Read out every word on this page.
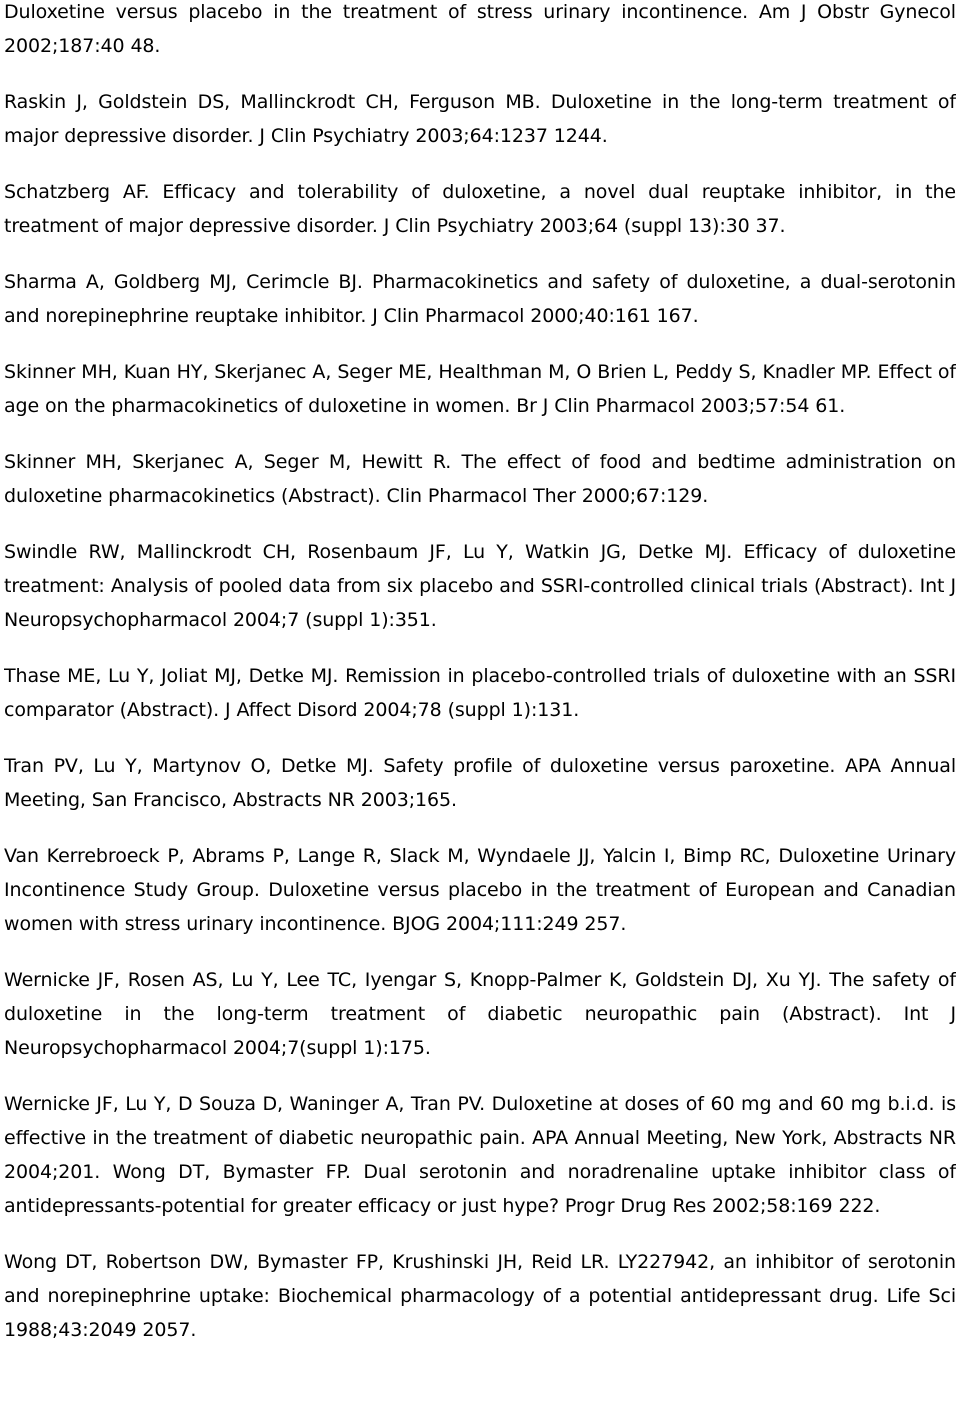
Duloxetine versus placebo in the treatment of stress urinary incontinence. Am J Obstr Gynecol 2002;187:40 48.

Raskin J, Goldstein DS, Mallinckrodt CH, Ferguson MB. Duloxetine in the long-term treatment of major depressive disorder. J Clin Psychiatry 2003;64:1237 1244.

Schatzberg AF. Efficacy and tolerability of duloxetine, a novel dual reuptake inhibitor, in the treatment of major depressive disorder. J Clin Psychiatry 2003;64 (suppl 13):30 37.

Sharma A, Goldberg MJ, Cerimcle BJ. Pharmacokinetics and safety of duloxetine, a dual-serotonin and norepinephrine reuptake inhibitor. J Clin Pharmacol 2000;40:161 167.

Skinner MH, Kuan HY, Skerjanec A, Seger ME, Healthman M, O Brien L, Peddy S, Knadler MP. Effect of age on the pharmacokinetics of duloxetine in women. Br J Clin Pharmacol 2003;57:54 61.

Skinner MH, Skerjanec A, Seger M, Hewitt R. The effect of food and bedtime administration on duloxetine pharmacokinetics (Abstract). Clin Pharmacol Ther 2000;67:129.

Swindle RW, Mallinckrodt CH, Rosenbaum JF, Lu Y, Watkin JG, Detke MJ. Efficacy of duloxetine treatment: Analysis of pooled data from six placebo and SSRI-controlled clinical trials (Abstract). Int J Neuropsychopharmacol 2004;7 (suppl 1):351.

Thase ME, Lu Y, Joliat MJ, Detke MJ. Remission in placebo-controlled trials of duloxetine with an SSRI comparator (Abstract). J Affect Disord 2004;78 (suppl 1):131.

Tran PV, Lu Y, Martynov O, Detke MJ. Safety profile of duloxetine versus paroxetine. APA Annual Meeting, San Francisco, Abstracts NR 2003;165.

Van Kerrebroeck P, Abrams P, Lange R, Slack M, Wyndaele JJ, Yalcin I, Bimp RC, Duloxetine Urinary Incontinence Study Group. Duloxetine versus placebo in the treatment of European and Canadian women with stress urinary incontinence. BJOG 2004;111:249 257.

Wernicke JF, Rosen AS, Lu Y, Lee TC, Iyengar S, Knopp-Palmer K, Goldstein DJ, Xu YJ. The safety of duloxetine in the long-term treatment of diabetic neuropathic pain (Abstract). Int J Neuropsychopharmacol 2004;7(suppl 1):175.

Wernicke JF, Lu Y, D Souza D, Waninger A, Tran PV. Duloxetine at doses of 60 mg and 60 mg b.i.d. is effective in the treatment of diabetic neuropathic pain. APA Annual Meeting, New York, Abstracts NR 2004;201. Wong DT, Bymaster FP. Dual serotonin and noradrenaline uptake inhibitor class of antidepressants-potential for greater efficacy or just hype? Progr Drug Res 2002;58:169 222.

Wong DT, Robertson DW, Bymaster FP, Krushinski JH, Reid LR. LY227942, an inhibitor of serotonin and norepinephrine uptake: Biochemical pharmacology of a potential antidepressant drug. Life Sci 1988;43:2049 2057.
